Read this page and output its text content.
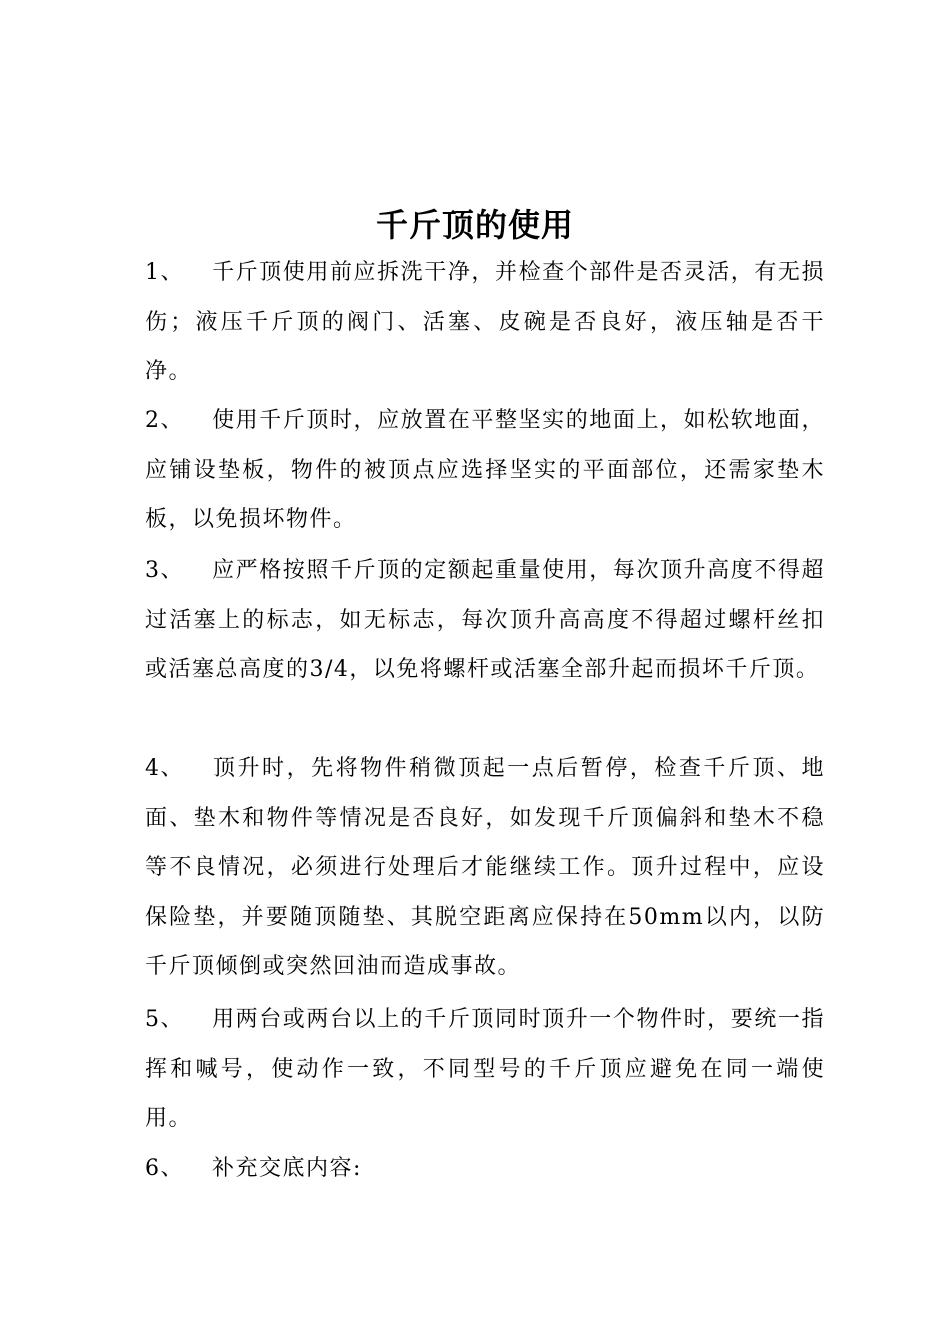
千斤顶的使用
1、 千斤顶使用前应拆洗干净，并检查个部件是否灵活，有无损伤；液压千斤顶的阀门、活塞、皮碗是否良好，液压轴是否干净。
2、 使用千斤顶时，应放置在平整坚实的地面上，如松软地面，应铺设垫板，物件的被顶点应选择坚实的平面部位，还需家垫木板，以免损坏物件。
3、 应严格按照千斤顶的定额起重量使用，每次顶升高度不得超过活塞上的标志，如无标志，每次顶升高高度不得超过螺杆丝扣或活塞总高度的3/4，以免将螺杆或活塞全部升起而损坏千斤顶。
4、 顶升时，先将物件稍微顶起一点后暂停，检查千斤顶、地面、垫木和物件等情况是否良好，如发现千斤顶偏斜和垫木不稳等不良情况，必须进行处理后才能继续工作。顶升过程中，应设保险垫，并要随顶随垫、其脱空距离应保持在50mm以内，以防千斤顶倾倒或突然回油而造成事故。
5、 用两台或两台以上的千斤顶同时顶升一个物件时，要统一指挥和喊号，使动作一致，不同型号的千斤顶应避免在同一端使用。
6、 补充交底内容:
